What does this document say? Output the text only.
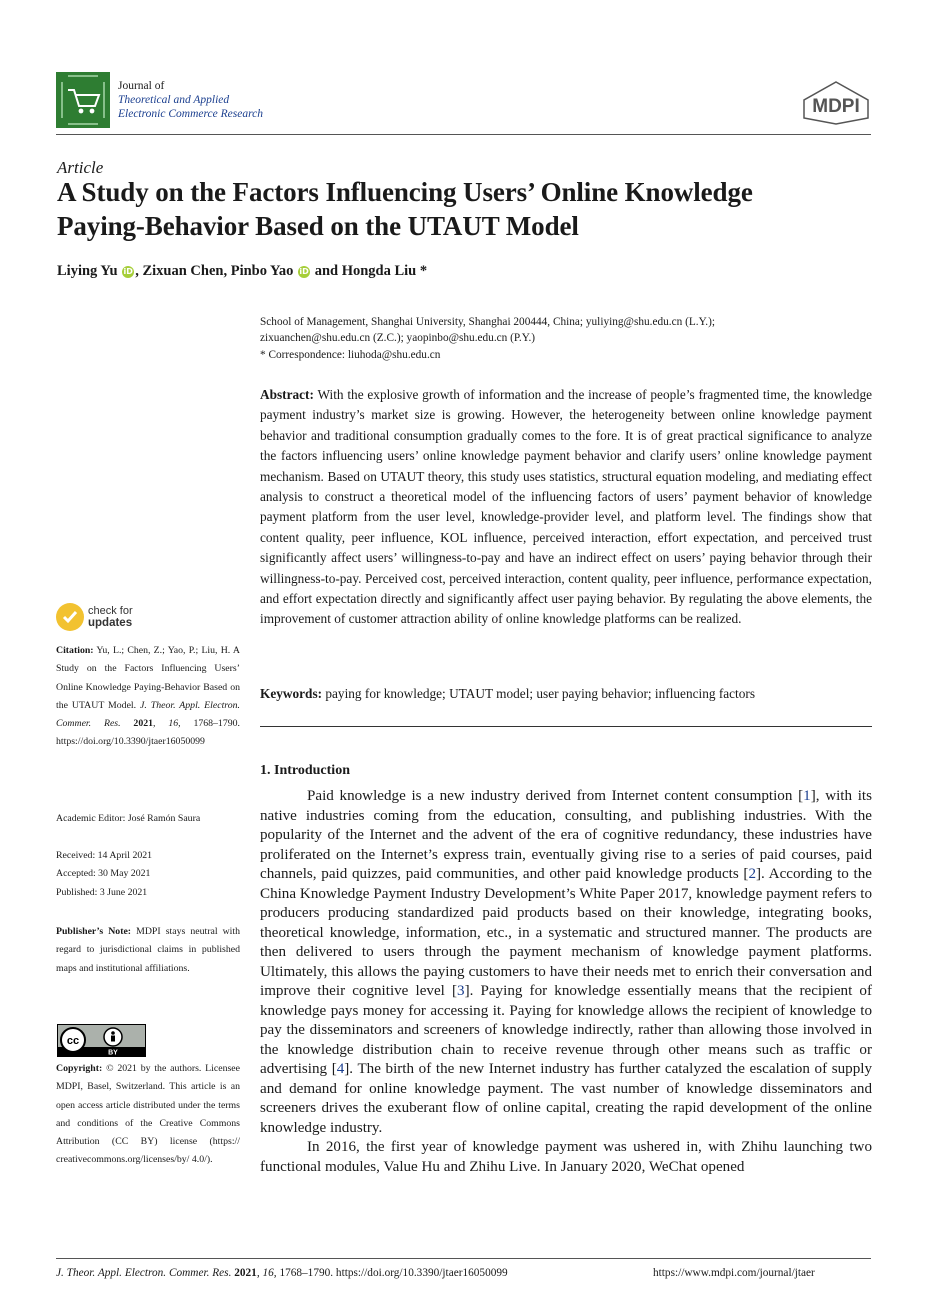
Journal of
Theoretical and Applied
Electronic Commerce Research	MDPI
Article
A Study on the Factors Influencing Users’ Online Knowledge
Paying-Behavior Based on the UTAUT Model
Liying Yu iD , Zixuan Chen, Pinbo Yao iD and Hongda Liu *
School of Management, Shanghai University, Shanghai 200444, China; yuliying@shu.edu.cn (L.Y.);
zixuanchen@shu.edu.cn (Z.C.); yaopinbo@shu.edu.cn (P.Y.)
* Correspondence: liuhoda@shu.edu.cn
Abstract: With the explosive growth of information and the increase of people’s fragmented time, the knowledge payment industry’s market size is growing. However, the heterogeneity between online knowledge payment behavior and traditional consumption gradually comes to the fore. It is of great practical significance to analyze the factors influencing users’ online knowledge payment behavior and clarify users’ online knowledge payment mechanism. Based on UTAUT theory, this study uses statistics, structural equation modeling, and mediating effect analysis to construct a theoretical model of the influencing factors of users’ payment behavior of knowledge payment platform from the user level, knowledge-provider level, and platform level. The findings show that content quality, peer influence, KOL influence, perceived interaction, effort expectation, and perceived trust significantly affect users’ willingness-to-pay and have an indirect effect on users’ paying behavior through their willingness-to-pay. Perceived cost, perceived interaction, content quality, peer influence, performance expectation, and effort expectation directly and significantly affect user paying behavior. By regulating the above elements, the improvement of customer attraction ability of online knowledge platforms can be realized.
Keywords: paying for knowledge; UTAUT model; user paying behavior; influencing factors
1. Introduction

Paid knowledge is a new industry derived from Internet content consumption [1], with its native industries coming from the education, consulting, and publishing industries. With the popularity of the Internet and the advent of the era of cognitive redundancy, these industries have proliferated on the Internet’s express train, eventually giving rise to a series of paid courses, paid channels, paid quizzes, paid communities, and other paid knowledge products [2]. According to the China Knowledge Payment Industry Development’s White Paper 2017, knowledge payment refers to producers producing standardized paid products based on their knowledge, integrating books, theoretical knowledge, information, etc., in a systematic and structured manner. The products are then delivered to users through the payment mechanism of knowledge payment platforms. Ultimately, this allows the paying customers to have their needs met to enrich their conversation and improve their cognitive level [3]. Paying for knowledge essentially means that the recipient of knowledge pays money for accessing it. Paying for knowledge allows the recipient of knowledge to pay the disseminators and screeners of knowledge indirectly, rather than allowing those involved in the knowledge distribution chain to receive revenue through other means such as traffic or advertising [4]. The birth of the new Internet industry has further catalyzed the escalation of supply and demand for online knowledge payment. The vast number of knowledge disseminators and screeners drives the exuberant flow of online capital, creating the rapid development of the online knowledge industry.

In 2016, the first year of knowledge payment was ushered in, with Zhihu launching two functional modules, Value Hu and Zhihu Live. In January 2020, WeChat opened

check for
updates
Citation: Yu, L.; Chen, Z.; Yao, P.; Liu, H. A Study on the Factors Influencing Users’ Online Knowledge Paying-Behavior Based on the UTAUT Model. J. Theor. Appl. Electron. Commer. Res. 2021, 16, 1768–1790. https://doi.org/10.3390/jtaer16050099
Academic Editor: José Ramón Saura
Received: 14 April 2021
Accepted: 30 May 2021
Published: 3 June 2021
Publisher’s Note: MDPI stays neutral with regard to jurisdictional claims in published maps and institutional affiliations.
cc
BY
Copyright: © 2021 by the authors. Licensee MDPI, Basel, Switzerland. This article is an open access article distributed under the terms and conditions of the Creative Commons Attribution (CC BY) license (https:// creativecommons.org/licenses/by/ 4.0/).
J. Theor. Appl. Electron. Commer. Res. 2021, 16, 1768–1790. https://doi.org/10.3390/jtaer16050099	https://www.mdpi.com/journal/jtaer
